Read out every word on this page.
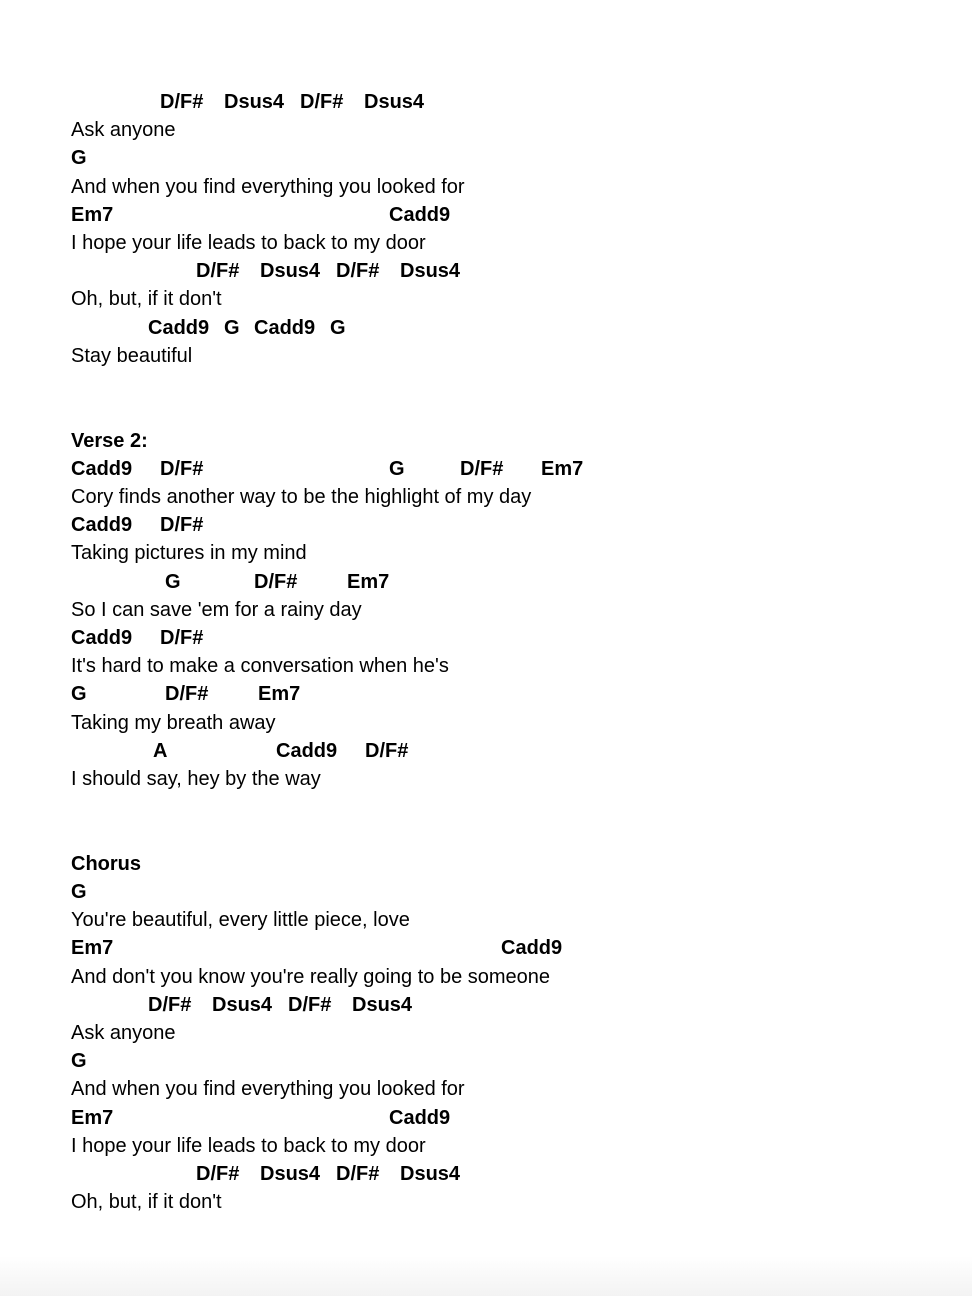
D/F# Dsus4 D/F# Dsus4
Ask anyone
G
And when you find everything you looked for
Em7	Cadd9
I hope your life leads to back to my door
D/F# Dsus4 D/F# Dsus4
Oh, but, if it don't
Cadd9 G Cadd9 G
Stay beautiful
Verse 2:
Cadd9 D/F#	G	D/F# Em7
Cory finds another way to be the highlight of my day
Cadd9 D/F#
Taking pictures in my mind
G	D/F# Em7
So I can save 'em for a rainy day
Cadd9 D/F#
It's hard to make a conversation when he's
G	D/F# Em7
Taking my breath away
A	Cadd9 D/F#
I should say, hey by the way
Chorus
G
You're beautiful, every little piece, love
Em7	Cadd9
And don't you know you're really going to be someone
D/F# Dsus4 D/F# Dsus4
Ask anyone
G
And when you find everything you looked for
Em7	Cadd9
I hope your life leads to back to my door
D/F# Dsus4 D/F# Dsus4
Oh, but, if it don't
